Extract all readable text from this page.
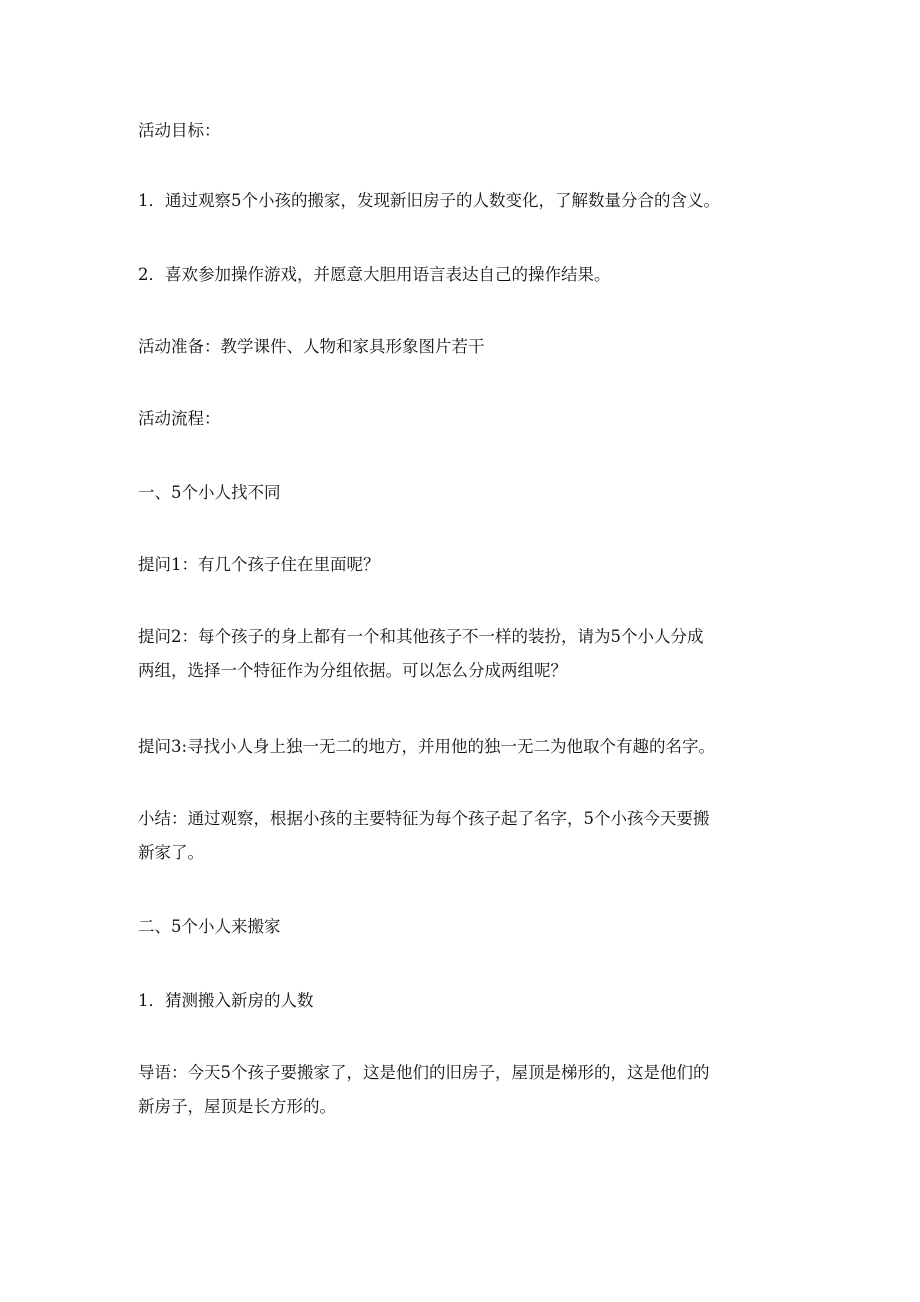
活动目标：

1．通过观察5个小孩的搬家，发现新旧房子的人数变化，了解数量分合的含义。

2．喜欢参加操作游戏，并愿意大胆用语言表达自己的操作结果。

活动准备：教学课件、人物和家具形象图片若干

活动流程：

一、5个小人找不同

提问1：有几个孩子住在里面呢？

提问2：每个孩子的身上都有一个和其他孩子不一样的装扮，请为5个小人分成

两组，选择一个特征作为分组依据。可以怎么分成两组呢？

提问3:寻找小人身上独一无二的地方，并用他的独一无二为他取个有趣的名字。

小结：通过观察，根据小孩的主要特征为每个孩子起了名字，5个小孩今天要搬

新家了。

二、5个小人来搬家

1．猜测搬入新房的人数

导语：今天5个孩子要搬家了，这是他们的旧房子，屋顶是梯形的，这是他们的

新房子，屋顶是长方形的。
